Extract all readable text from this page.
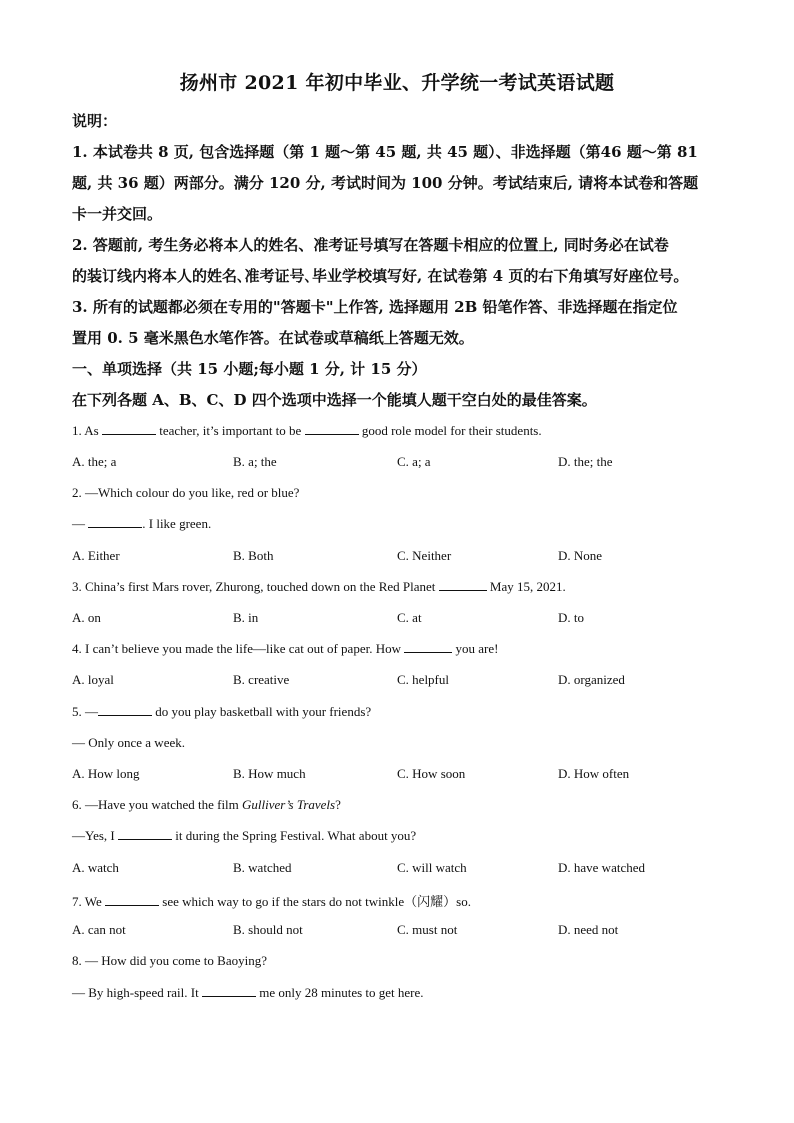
扬州市 2021 年初中毕业、升学统一考试英语试题
说明：
1. 本试卷共 8 页, 包含选择题（第 1 题～第 45 题, 共 45 题）、非选择题（第46 题～第 81
题, 共 36 题）两部分。满分 120 分, 考试时间为 100 分钟。考试结束后, 请将本试卷和答题
卡一并交回。
2. 答题前, 考生务必将本人的姓名、准考证号填写在答题卡相应的位置上, 同时务必在试卷
的装订线内将本人的姓名､准考证号､毕业学校填写好, 在试卷第 4 页的右下角填写好座位号。
3. 所有的试题都必须在专用的"答题卡"上作答, 选择题用 2B 铅笔作答、非选择题在指定位
置用 0. 5 毫米黑色水笔作答。在试卷或草稿纸上答题无效。
一、单项选择（共 15 小题;每小题 1 分, 计 15 分）
在下列各题 A、B、C、D 四个选项中选择一个能填人题干空白处的最佳答案。
1. As	teacher, it’s important to be	good role model for their students.
A. the; a	B. a; the	C. a; a	D. the; the
2. —Which colour do you like, red or blue?
—	. I like green.
A. Either	B. Both	C. Neither	D. None
3. China’s first Mars rover, Zhurong, touched down on the Red Planet	May 15, 2021.
A. on	B. in	C. at	D. to
4. I can’t believe you made the life—like cat out of paper. How	you are!
A. loyal	B. creative	C. helpful	D. organized
5. —	do you play basketball with your friends?
— Only once a week.
A. How long	B. How much	C. How soon	D. How often
6. —Have you watched the film Gulliver’s Travels?
—Yes, I	it during the Spring Festival. What about you?
A. watch	B. watched	C. will watch	D. have watched
7. We	see which way to go if the stars do not twinkle（闪耀）so.
A. can not	B. should not	C. must not	D. need not
8. — How did you come to Baoying?
— By high-speed rail. It	me only 28 minutes to get here.
